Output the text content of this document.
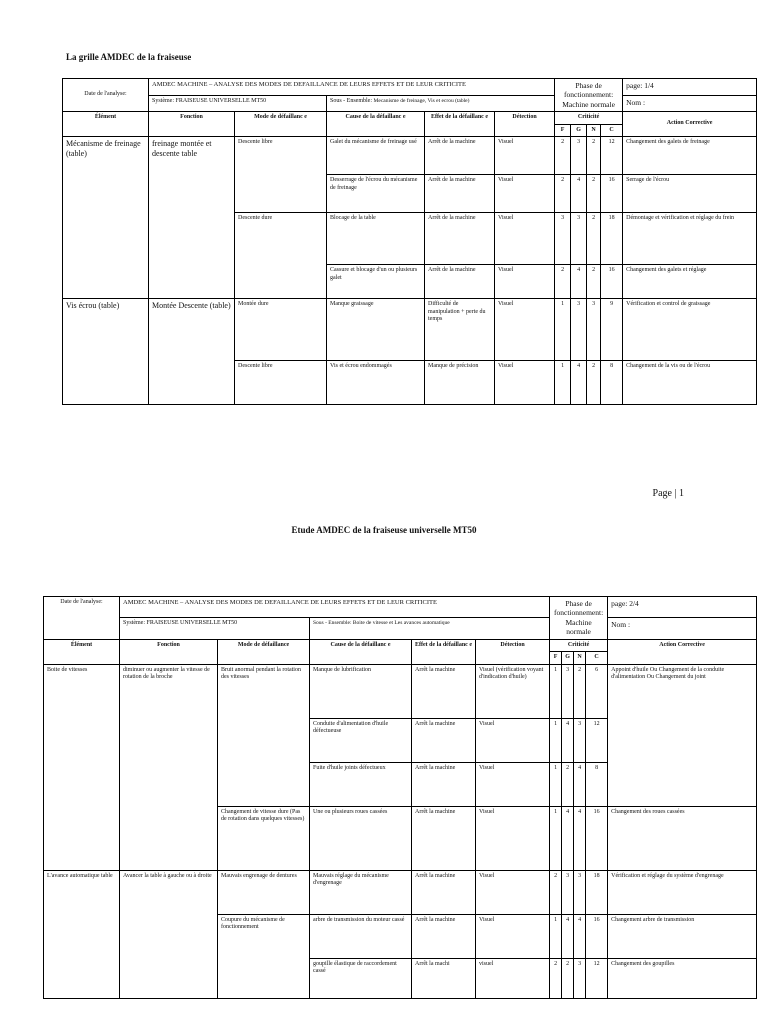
La grille AMDEC de la fraiseuse
Date de l'analyse:	AMDEC MACHINE – ANALYSE DES MODES DE DEFAILLANCE DE LEURS EFFETS ET DE LEUR CRITICITE					Phase de fonctionnement: Machine normale				page: 1/4
	Système: FRAISEUSE UNIVERSELLE MT50		Sous - Ensemble: Mecanisme de freinage, Vis et ecrou (table)							Nom :
Élément	Fonction	Mode de défaillanc e	Cause de la défaillanc e	Effet de la défaillanc e	Détection	Criticité				Action Corrective
						F	G	N	C	
Mécanisme de freinage (table)	freinage montée et descente table	Descente libre	Galet du mécanisme de freinage usé	Arrêt de la machine	Visuel	2	3	2	12	Changement des galets de freinage
			Desserrage de l'écrou du mécanisme de freinage	Arrêt de la machine	Visuel	2	4	2	16	Serrage de l'écrou
		Descente dure	Blocage de la table	Arrêt de la machine	Visuel	3	3	2	18	Démontage et vérification et réglage du frein
			Cassure et blocage d'un ou plusieurs galet	Arrêt de la machine	Visuel	2	4	2	16	Changement des galets et réglage
Vis écrou (table)	Montée Descente (table)	Montée dure	Manque graissage	Difficulté de manipulation + perte du temps	Visuel	1	3	3	9	Vérification et control de graissage
		Descente libre	Vis et écrou endommagés	Manque de précision	Visuel	1	4	2	8	Changement de la vis ou de l'écrou
Page | 1
Etude AMDEC de la fraiseuse universelle MT50
Date de l'analyse:	AMDEC MACHINE – ANALYSE DES MODES DE DEFAILLANCE DE LEURS EFFETS ET DE LEUR CRITICITE					Phase de fonctionnement: Machine normale				page: 2/4
	Système: FRAISEUSE UNIVERSELLE MT50		Sous - Ensemble: Boite de vitesse et Les avances automatique							Nom :
Élément	Fonction	Mode de défaillance	Cause de la défaillanc e	Effet de la défaillanc e	Détection	Criticité				Action Corrective
						F	G	N	C	
Boite de vitesses	diminuer ou augmenter la vitesse de rotation de la broche	Bruit anormal pendant la rotation des vitesses	Manque de lubrification	Arrêt la machine	Visuel (vérification voyant d'indication d'huile)	1	3	2	6	Appoint d'huile Ou Changement de la conduite d'alimentation Ou Changement du joint
			Conduite d'alimentation d'huile défectueuse	Arrêt la machine	Visuel	1	4	3	12	
			Fuite d'huile joints défectueux	Arrêt la machine	Visuel	1	2	4	8	
		Changement de vitesse dure (Pas de rotation dans quelques vitesses)	Une ou plusieurs roues cassées	Arrêt la machine	Visuel	1	4	4	16	Changement des roues cassées
L'avance automatique table	Avancer la table à gauche ou à droite	Mauvais engrenage de dentures	Mauvais réglage du mécanisme d'engrenage	Arrêt la machine	Visuel	2	3	3	18	Vérification et réglage du système d'engrenage
		Coupure du mécanisme de fonctionnement	arbre de transmission du moteur cassé	Arrêt la machine	Visuel	1	4	4	16	Changement arbre de transmission
			goupille élastique de raccordement cassé	Arrêt la machi	visuel	2	2	3	12	Changement des goupilles
